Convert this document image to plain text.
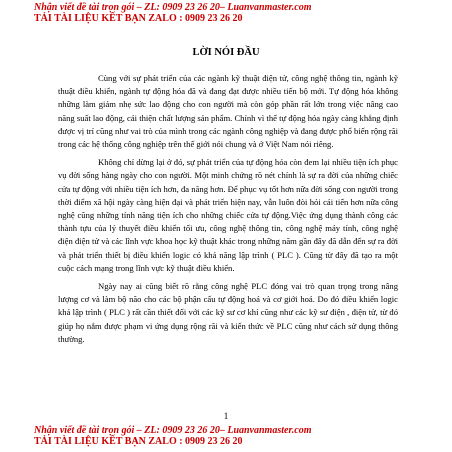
Nhận viết đề tài trọn gói – ZL: 0909 23 26 20– Luanvanmaster.com
TẢI TÀI LIỆU KẾT BẠN ZALO : 0909 23 26 20
LỜI NÓI ĐẦU

Cùng với sự phát triển của các ngành kỹ thuật điện tử, công nghệ thông tin, ngành kỹ thuật điều khiển, ngành tự động hóa đã và đang đạt được nhiều tiến bộ mới. Tự động hóa không những làm giảm nhẹ sức lao động cho con người mà còn góp phần rất lớn trong việc nâng cao năng suất lao động, cải thiện chất lượng sản phẩm. Chính vì thế tự động hóa ngày càng khẳng định được vị trí cũng như vai trò của mình trong các ngành công nghiệp và đang được phổ biến rộng rãi trong các hệ thống công nghiệp trên thế giới nói chung và ở Việt Nam nói riêng.

Không chỉ dừng lại ở đó, sự phát triển của tự động hóa còn đem lại nhiều tiện ích phục vụ đời sống hàng ngày cho con người. Một minh chứng rõ nét chính là sự ra đời của những chiếc cửa tự động với nhiều tiện ích hơn, đa năng hơn. Để phục vụ tốt hơn nữa đời sống con người trong thời điểm xã hội ngày càng hiện đại và phát triển hiện nay, vẫn luôn đòi hỏi cải tiến hơn nữa công nghệ cũng những tính năng tiện ích cho những chiếc cửa tự động.Việc ứng dụng thành công các thành tựu của lý thuyết điều khiển tối ưu, công nghệ thông tin, công nghệ máy tính, công nghệ điện điện tử và các lĩnh vực khoa học kỹ thuật khác trong những năm gần đây đã dẫn đến sự ra đời và phát triển thiết bị điều khiển logic có khả năng lập trình ( PLC ). Cũng từ đây đã tạo ra một cuộc cách mạng trong lĩnh vực kỹ thuật điều khiển.

Ngày nay ai cũng biết rõ rằng công nghệ PLC đóng vai trò quan trọng trong nâng lượng cơ và làm bộ não cho các bộ phận cấu tự động hoá và cơ giới hoá. Do đó điều khiển logic khả lập trình ( PLC ) rất cần thiết đối với các kỹ sư cơ khí cũng như các kỹ sư điện , điện tử, từ đó giúp họ nắm được phạm vi ứng dụng rộng rãi và kiến thức về PLC cũng như cách sử dụng thông thường.

1
Nhận viết đề tài trọn gói – ZL: 0909 23 26 20– Luanvanmaster.com
TẢI TÀI LIỆU KẾT BẠN ZALO : 0909 23 26 20
